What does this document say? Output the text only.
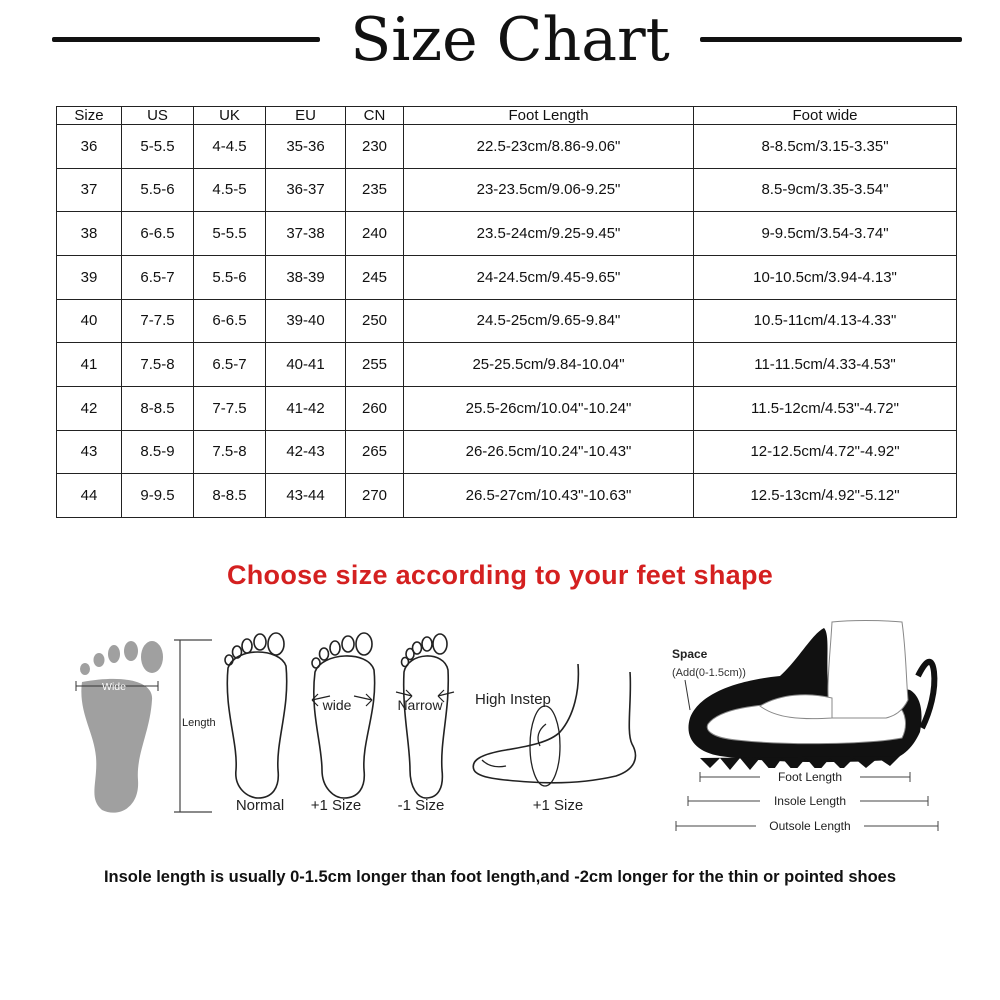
Size Chart
Size	US	UK	EU	CN	Foot Length	Foot wide
36	5-5.5	4-4.5	35-36	230	22.5-23cm/8.86-9.06"	8-8.5cm/3.15-3.35"
37	5.5-6	4.5-5	36-37	235	23-23.5cm/9.06-9.25"	8.5-9cm/3.35-3.54"
38	6-6.5	5-5.5	37-38	240	23.5-24cm/9.25-9.45"	9-9.5cm/3.54-3.74"
39	6.5-7	5.5-6	38-39	245	24-24.5cm/9.45-9.65"	10-10.5cm/3.94-4.13"
40	7-7.5	6-6.5	39-40	250	24.5-25cm/9.65-9.84"	10.5-11cm/4.13-4.33"
41	7.5-8	6.5-7	40-41	255	25-25.5cm/9.84-10.04"	11-11.5cm/4.33-4.53"
42	8-8.5	7-7.5	41-42	260	25.5-26cm/10.04"-10.24"	11.5-12cm/4.53"-4.72"
43	8.5-9	7.5-8	42-43	265	26-26.5cm/10.24"-10.43"	12-12.5cm/4.72"-4.92"
44	9-9.5	8-8.5	43-44	270	26.5-27cm/10.43"-10.63"	12.5-13cm/4.92"-5.12"
Choose size according to your feet shape
Wide
Length
Normal
wide
+1 Size
Narrow
-1 Size
High Instep
+1 Size
Space
(Add(0-1.5cm))
Foot Length
Insole Length
Outsole Length
Insole length is usually 0-1.5cm longer than foot length,and -2cm longer for the thin or pointed shoes
